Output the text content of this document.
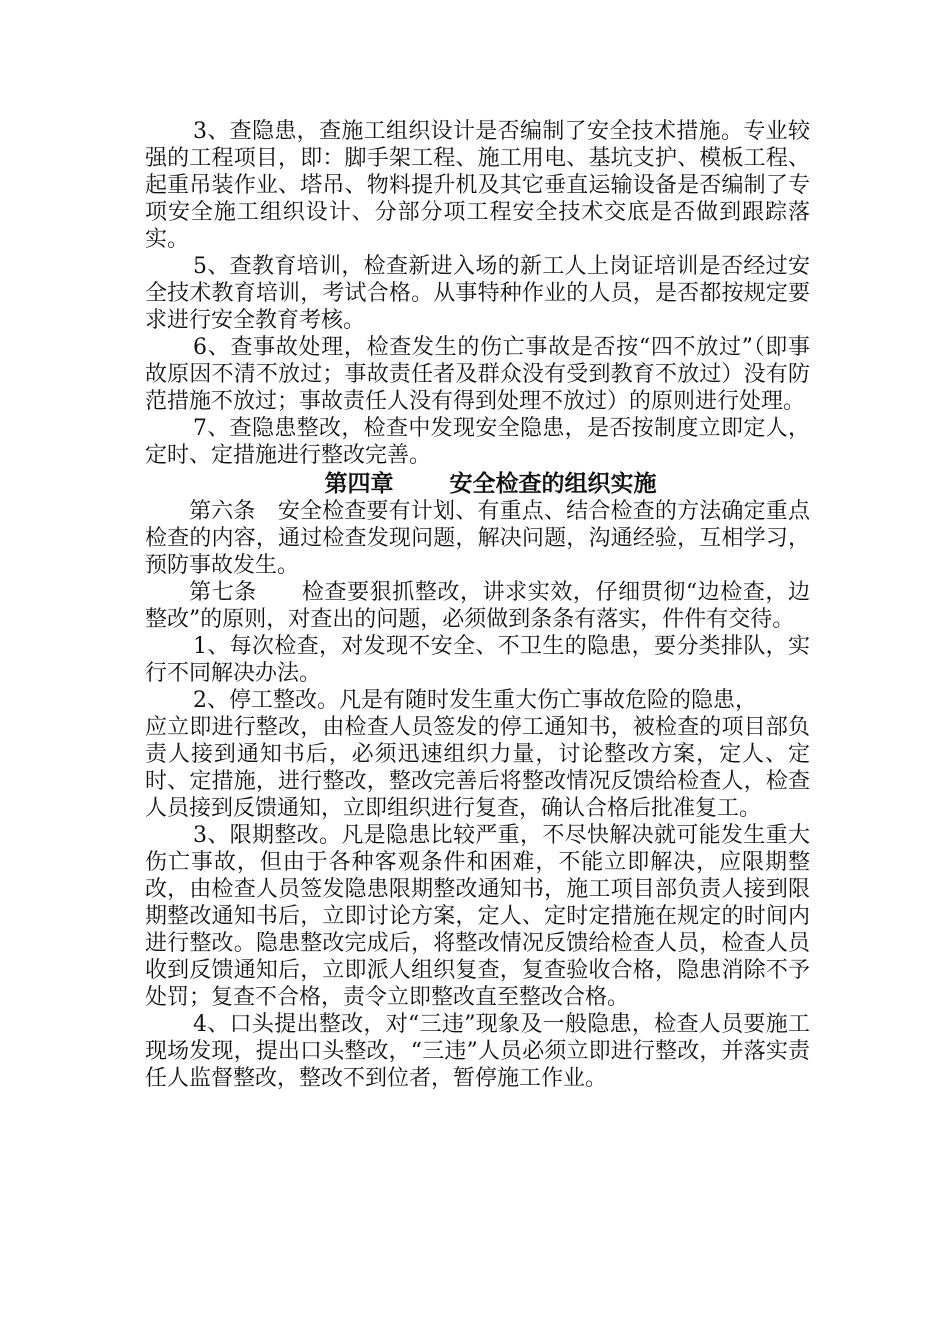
3、查隐患，查施工组织设计是否编制了安全技术措施。专业较强的工程项目，即：脚手架工程、施工用电、基坑支护、模板工程、起重吊装作业、塔吊、物料提升机及其它垂直运输设备是否编制了专项安全施工组织设计、分部分项工程安全技术交底是否做到跟踪落实。

5、查教育培训，检查新进入场的新工人上岗证培训是否经过安全技术教育培训，考试合格。从事特种作业的人员，是否都按规定要求进行安全教育考核。

6、查事故处理，检查发生的伤亡事故是否按“四不放过”（即事故原因不清不放过；事故责任者及群众没有受到教育不放过）没有防范措施不放过；事故责任人没有得到处理不放过）的原则进行处理。

7、查隐患整改，检查中发现安全隐患，是否按制度立即定人，定时、定措施进行整改完善。

第四章 安全检查的组织实施

第六条　安全检查要有计划、有重点、结合检查的方法确定重点检查的内容，通过检查发现问题，解决问题，沟通经验，互相学习，预防事故发生。

第七条　　检查要狠抓整改，讲求实效，仔细贯彻“边检查，边整改”的原则，对查出的问题，必须做到条条有落实，件件有交待。

1、每次检查，对发现不安全、不卫生的隐患，要分类排队，实行不同解决办法。

2、停工整改。凡是有随时发生重大伤亡事故危险的隐患，

应立即进行整改，由检查人员签发的停工通知书，被检查的项目部负责人接到通知书后，必须迅速组织力量，讨论整改方案，定人、定时、定措施，进行整改，整改完善后将整改情况反馈给检查人，检查人员接到反馈通知，立即组织进行复查，确认合格后批准复工。

3、限期整改。凡是隐患比较严重，不尽快解决就可能发生重大伤亡事故，但由于各种客观条件和困难，不能立即解决，应限期整改，由检查人员签发隐患限期整改通知书，施工项目部负责人接到限期整改通知书后，立即讨论方案，定人、定时定措施在规定的时间内进行整改。隐患整改完成后，将整改情况反馈给检查人员，检查人员收到反馈通知后，立即派人组织复查，复查验收合格，隐患消除不予处罚；复查不合格，责令立即整改直至整改合格。

4、口头提出整改，对“三违”现象及一般隐患，检查人员要施工现场发现，提出口头整改，“三违”人员必须立即进行整改，并落实责任人监督整改，整改不到位者，暂停施工作业。
